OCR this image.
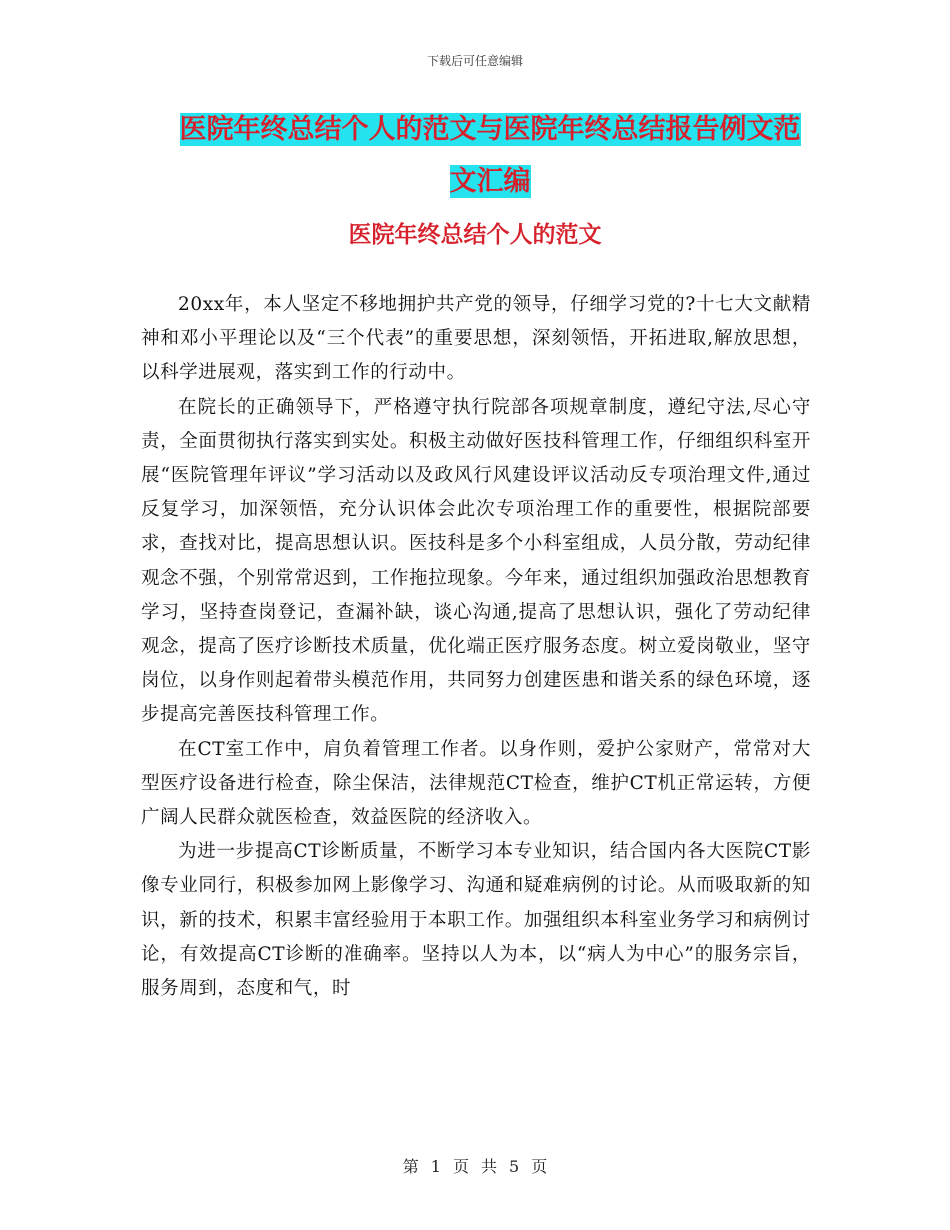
下载后可任意编辑
医院年终总结个人的范文与医院年终总结报告例文范
文汇编
医院年终总结个人的范文

20xx年，本人坚定不移地拥护共产党的领导，仔细学习党的?十七大文献精神和邓小平理论以及“三个代表”的重要思想，深刻领悟，开拓进取,解放思想，以科学进展观，落实到工作的行动中。

在院长的正确领导下，严格遵守执行院部各项规章制度，遵纪守法,尽心守责，全面贯彻执行落实到实处。积极主动做好医技科管理工作，仔细组织科室开展“医院管理年评议”学习活动以及政风行风建设评议活动反专项治理文件,通过反复学习，加深领悟，充分认识体会此次专项治理工作的重要性，根据院部要求，查找对比，提高思想认识。医技科是多个小科室组成，人员分散，劳动纪律观念不强，个别常常迟到，工作拖拉现象。今年来，通过组织加强政治思想教育学习，坚持查岗登记，查漏补缺，谈心沟通,提高了思想认识，强化了劳动纪律观念，提高了医疗诊断技术质量，优化端正医疗服务态度。树立爱岗敬业，坚守岗位，以身作则起着带头模范作用，共同努力创建医患和谐关系的绿色环境，逐步提高完善医技科管理工作。

在CT室工作中，肩负着管理工作者。以身作则，爱护公家财产，常常对大型医疗设备进行检查，除尘保洁，法律规范CT检查，维护CT机正常运转，方便广阔人民群众就医检查，效益医院的经济收入。

为进一步提高CT诊断质量，不断学习本专业知识，结合国内各大医院CT影像专业同行，积极参加网上影像学习、沟通和疑难病例的讨论。从而吸取新的知识，新的技术，积累丰富经验用于本职工作。加强组织本科室业务学习和病例讨论，有效提高CT诊断的准确率。坚持以人为本，以“病人为中心”的服务宗旨，服务周到，态度和气，时

第 1 页 共 5 页
